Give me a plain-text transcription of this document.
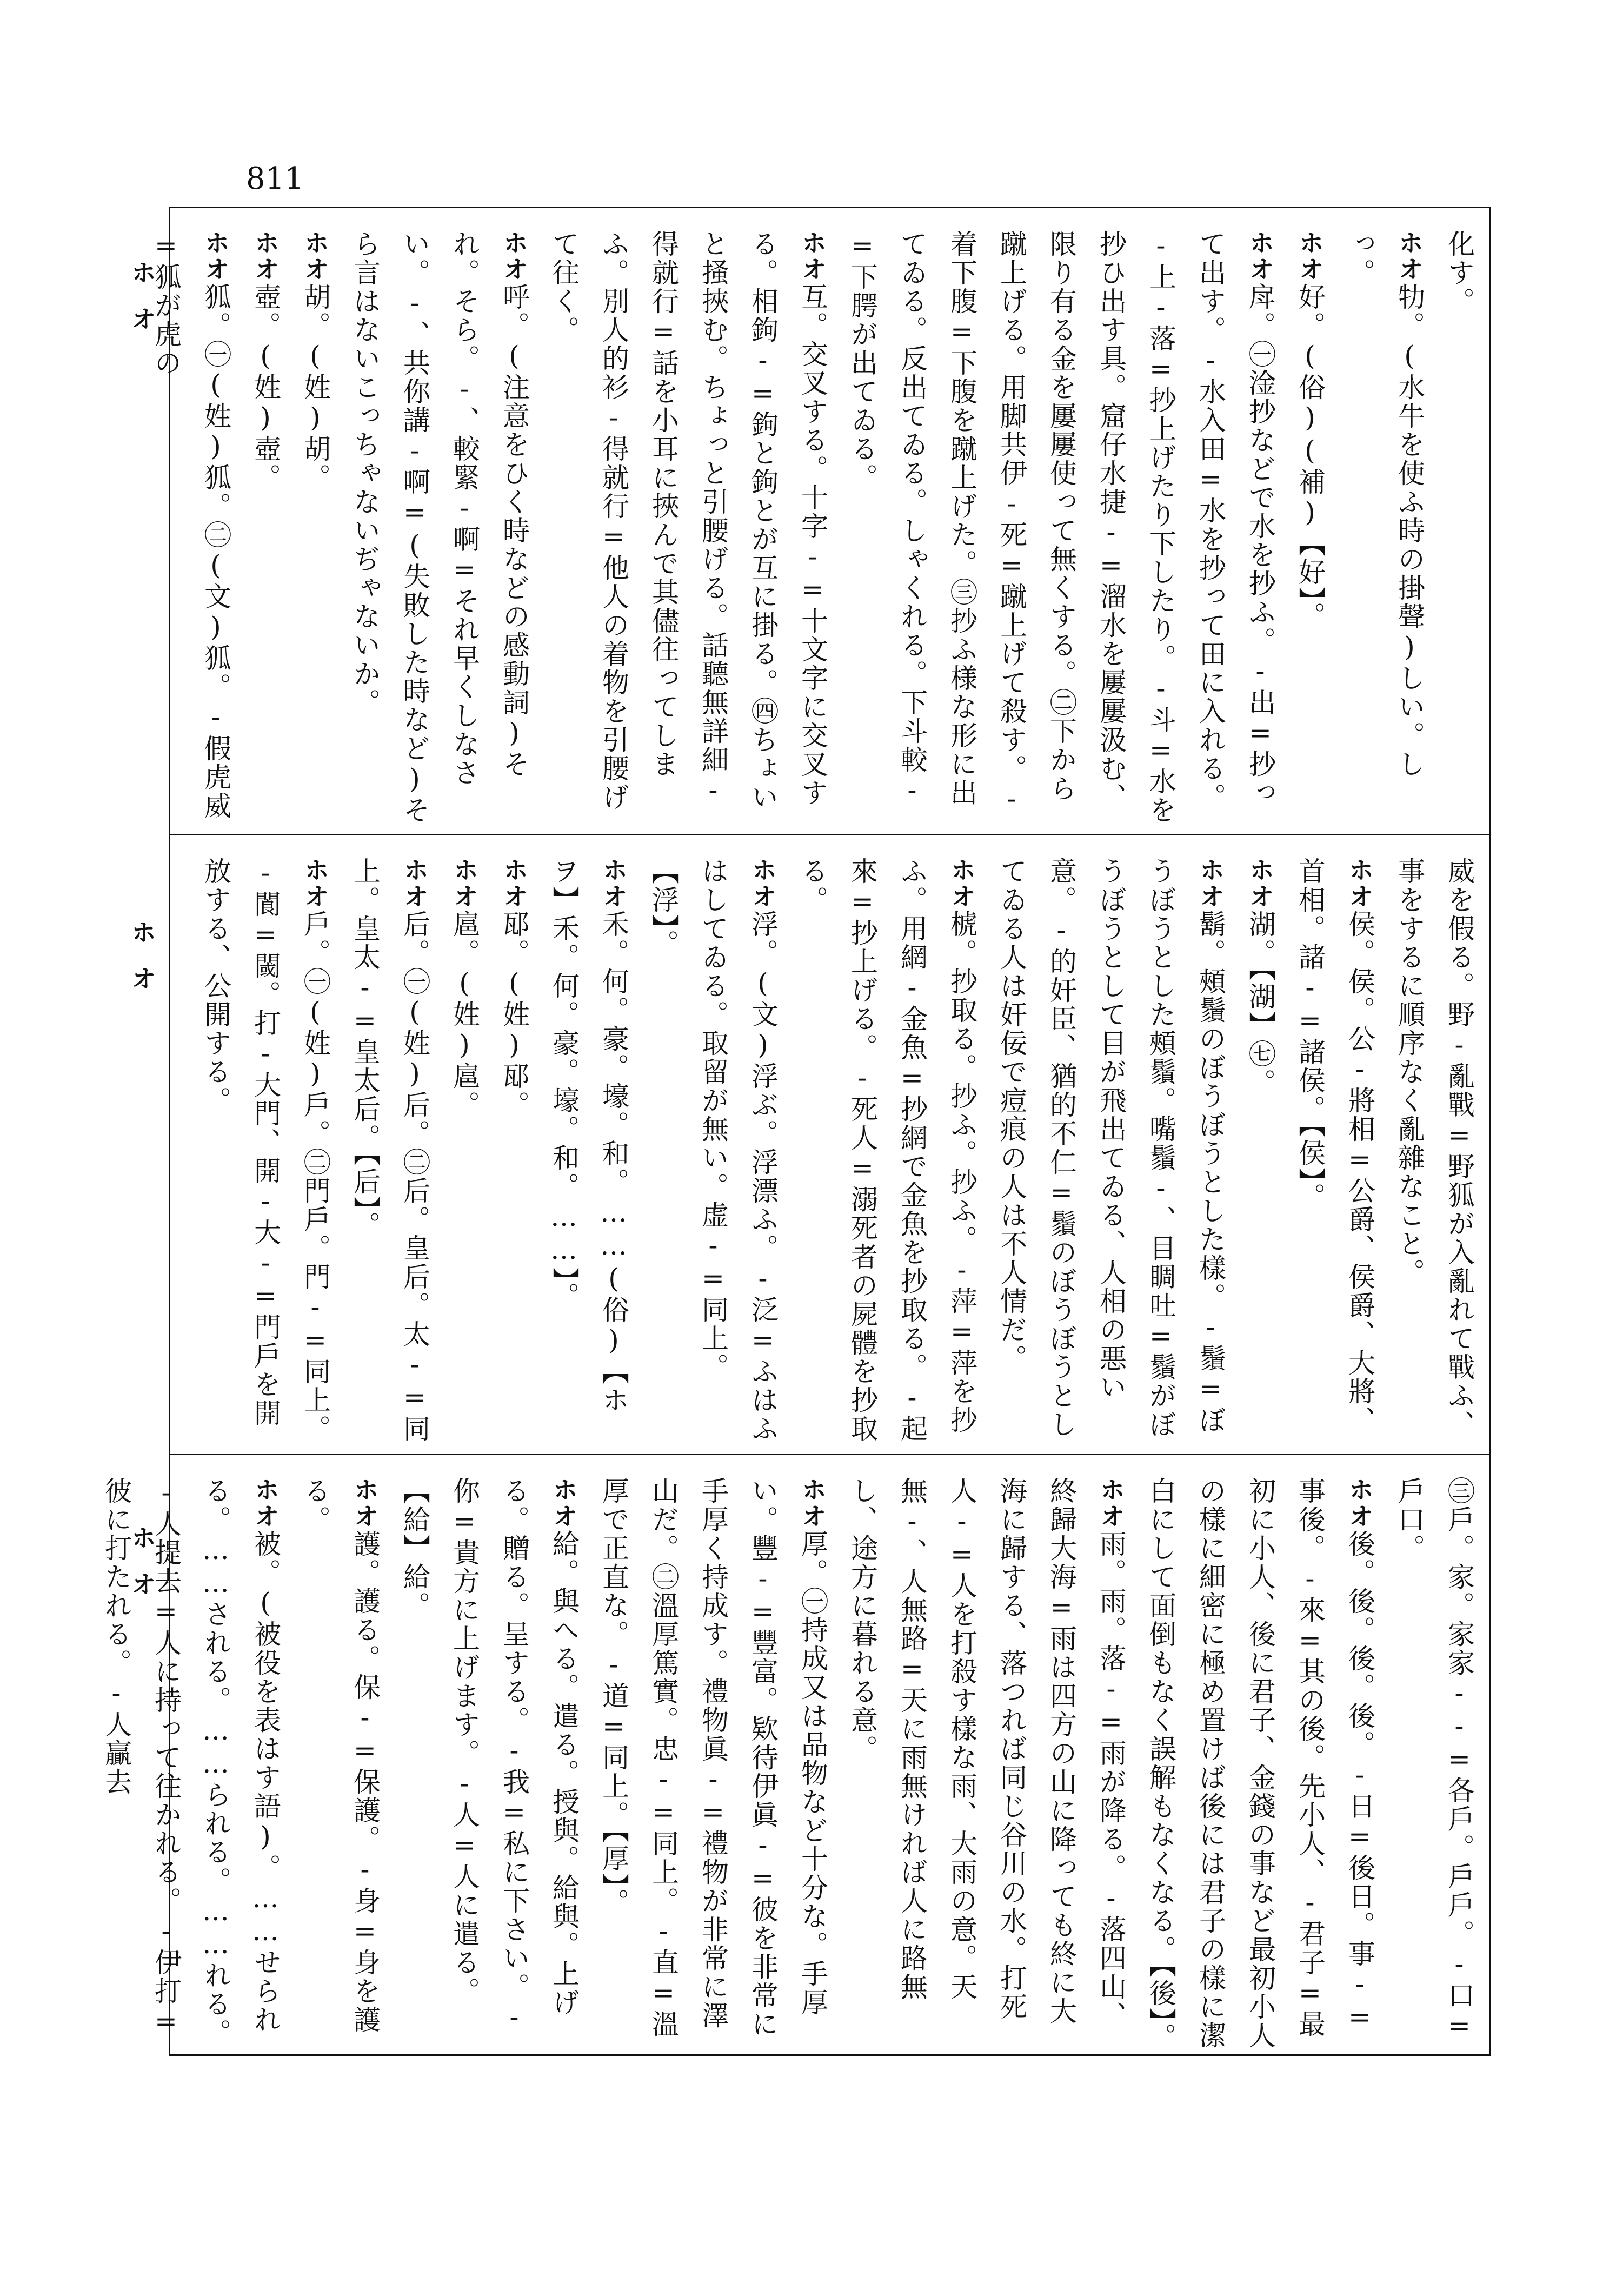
811
ホオ
ホオ
ホオ
化す。
ホオ牞。(水牛を使ふ時の掛聲)しい。しっ。
ホオ好。(俗)(補)【好】。
ホオ戽。㊀淦抄などで水を抄ふ。-出=抄って出す。-水入田=水を抄って田に入れる。-上-落=抄上げたり下したり。-斗=水を抄ひ出す具。窟仔水捷-=溜水を屢屢汲む、限り有る金を屢屢使って無くする。㊁下から蹴上げる。用脚共伊-死=蹴上げて殺す。-着下腹=下腹を蹴上げた。㊂抄ふ様な形に出てゐる。反出てゐる。しゃくれる。下斗較-=下腭が出てゐる。
ホオ互。交叉する。十字-=十文字に交叉する。相鉤-=鉤と鉤とが互に掛る。㊃ちょいと掻挾む。ちょっと引腰げる。話聽無詳細-得就行=話を小耳に挾んで其儘往ってしまふ。別人的衫-得就行=他人の着物を引腰げて往く。
ホオ呼。(注意をひく時などの感動詞)それ。そら。-、較緊-啊=それ早くしなさい。-、共你講-啊=(失敗した時など)そら言はないこっちゃないぢゃないか。
ホオ胡。(姓)胡。
ホオ壺。(姓)壺。
ホオ狐。㊀(姓)狐。㊁(文)狐。-假虎威=狐が虎の
威を假る。野-亂戰=野狐が入亂れて戰ふ、事をするに順序なく亂雜なこと。
ホオ侯。侯。公-將相=公爵、侯爵、大將、首相。諸-=諸侯。【侯】。
ホオ湖。【湖】㊆。
ホオ鬍。頰鬚のぼうぼうとした樣。-鬚=ぼうぼうとした頰鬚。嘴鬚-、目睭吐=鬚がぼうぼうとして目が飛出てゐる、人相の悪い意。-的奸臣、猶的不仁=鬚のぼうぼうとしてゐる人は奸佞で痘痕の人は不人情だ。
ホオ椃。抄取る。抄ふ。抄ふ。-萍=萍を抄ふ。用網-金魚=抄網で金魚を抄取る。-起來=抄上げる。-死人=溺死者の屍體を抄取る。
ホオ浮。(文)浮ぶ。浮漂ふ。-泛=ふはふはしてゐる。取留が無い。虚-=同上。【浮】。
ホオ禾。何。豪。壕。和。……(俗)【ホヲ】禾。何。豪。壕。和。……】。
ホオ邷。(姓)邷。
ホオ扈。(姓)扈。
ホオ后。㊀(姓)后。㊁后。皇后。太-=同上。皇太-=皇太后。【后】。
ホオ戶。㊀(姓)戶。㊁門戶。門-=同上。-閬=閾。打-大門、開-大-=門戶を開放する、公開する。
㊂戶。家。家家--=各戶。戶戶。-口=戶口。
ホオ後。後。後。後。-日=後日。事-=事後。-來=其の後。先小人、-君子=最初に小人、後に君子、金錢の事など最初小人の樣に細密に極め置けば後には君子の樣に潔白にして面倒もなく誤解もなくなる。【後】。
ホオ雨。雨。落-=雨が降る。-落四山、終歸大海=雨は四方の山に降っても終に大海に歸する、落つれば同じ谷川の水。打死人-=人を打殺す樣な雨、大雨の意。天無-、人無路=天に雨無ければ人に路無し、途方に暮れる意。
ホオ厚。㊀持成又は品物など十分な。手厚い。豐-=豐富。欵待伊眞-=彼を非常に手厚く持成す。禮物眞-=禮物が非常に澤山だ。㊁溫厚篤實。忠-=同上。-直=溫厚で正直な。-道=同上。【厚】。
ホオ給。與へる。遣る。授與。給與。上げる。贈る。呈する。-我=私に下さい。-你=貴方に上げます。-人=人に遣る。【給】給。
ホオ護。護る。保-=保護。-身=身を護る。
ホオ被。(被役を表はす語)。……せられる。……される。……られる。……れる。-人提去=人に持って往かれる。-伊打=彼に打たれる。-人贏去
